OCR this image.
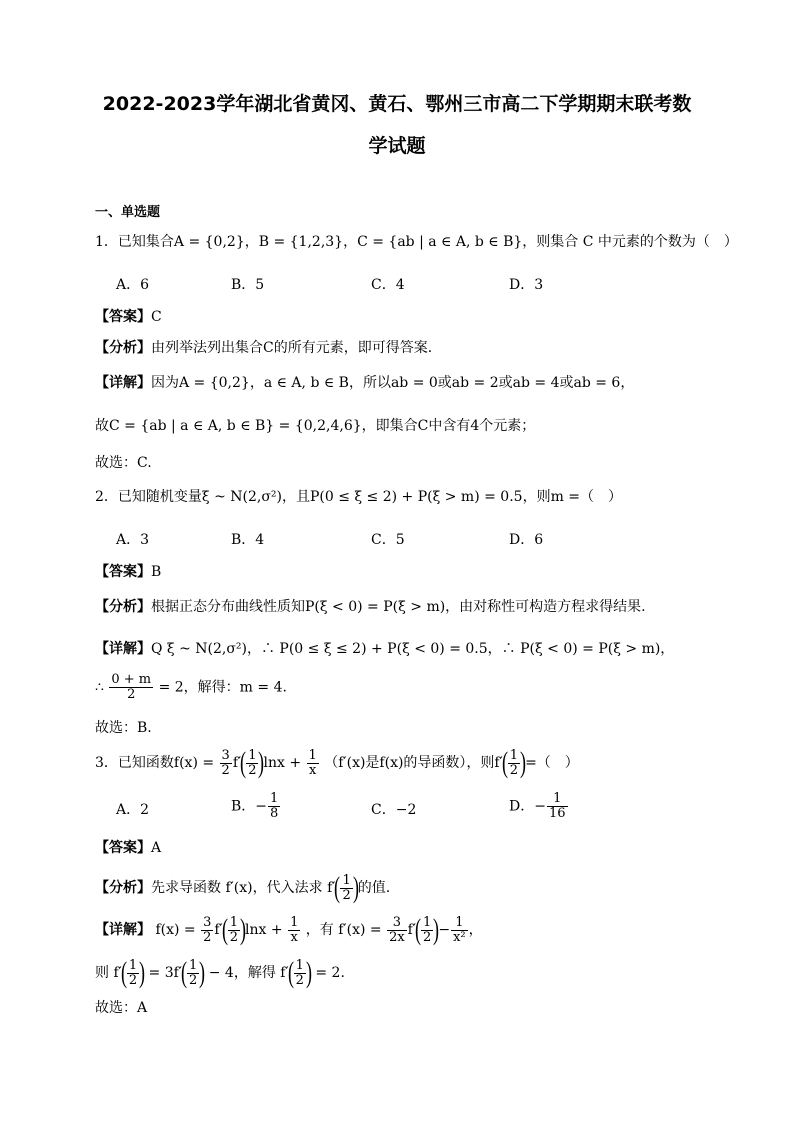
2022-2023学年湖北省黄冈、黄石、鄂州三市高二下学期期末联考数
学试题
一、单选题
1．已知集合A = {0,2}，B = {1,2,3}，C = {ab | a ∈ A, b ∈ B}，则集合 C 中元素的个数为（　）
A．6	B．5	C．4	D．3
【答案】C
【分析】由列举法列出集合C的所有元素，即可得答案.
【详解】因为A = {0,2}，a ∈ A, b ∈ B，所以ab = 0或ab = 2或ab = 4或ab = 6，
故C = {ab | a ∈ A, b ∈ B} = {0,2,4,6}，即集合C中含有4个元素；
故选：C.
2．已知随机变量ξ ~ N(2,σ²)，且P(0 ≤ ξ ≤ 2) + P(ξ > m) = 0.5，则m =（　）
A．3	B．4	C．5	D．6
【答案】B
【分析】根据正态分布曲线性质知P(ξ < 0) = P(ξ > m)，由对称性可构造方程求得结果.
【详解】Q ξ ~ N(2,σ²)，∴ P(0 ≤ ξ ≤ 2) + P(ξ < 0) = 0.5，∴ P(ξ < 0) = P(ξ > m)，
∴ $\frac{0 + m}{2} = 2$，解得：m = 4.
故选：B.
3．已知函数$f(x) = \frac{3}{2} f'( \frac{1}{2} )\ln x + \frac{1}{x} (f'(x)$是f(x)的导函数），则$f'( \frac{1}{2}$ )=（　）
A．2	B．− $\frac{1}{8}$	C．−2	D．− $\frac{1}{16}$
【答案】A
【分析】先求导函数 f′(x)，代入法求 $f'( \frac{1}{2}$ )的值.
【详解】 $f(x) = \frac{3}{2} f'( \frac{1}{2} )\ln x + \frac{1}{x}$ ，有 $f'(x) = \frac{3}{2x} f'( \frac{1}{2}$ )− $\frac{1}{\text{x²}}$ ，
则 $f'( \frac{1}{2}$ ) = $3f'( \frac{1}{2}$ ) − 4，解得 $f'( \frac{1}{2}$ ) = 2.
故选：A
